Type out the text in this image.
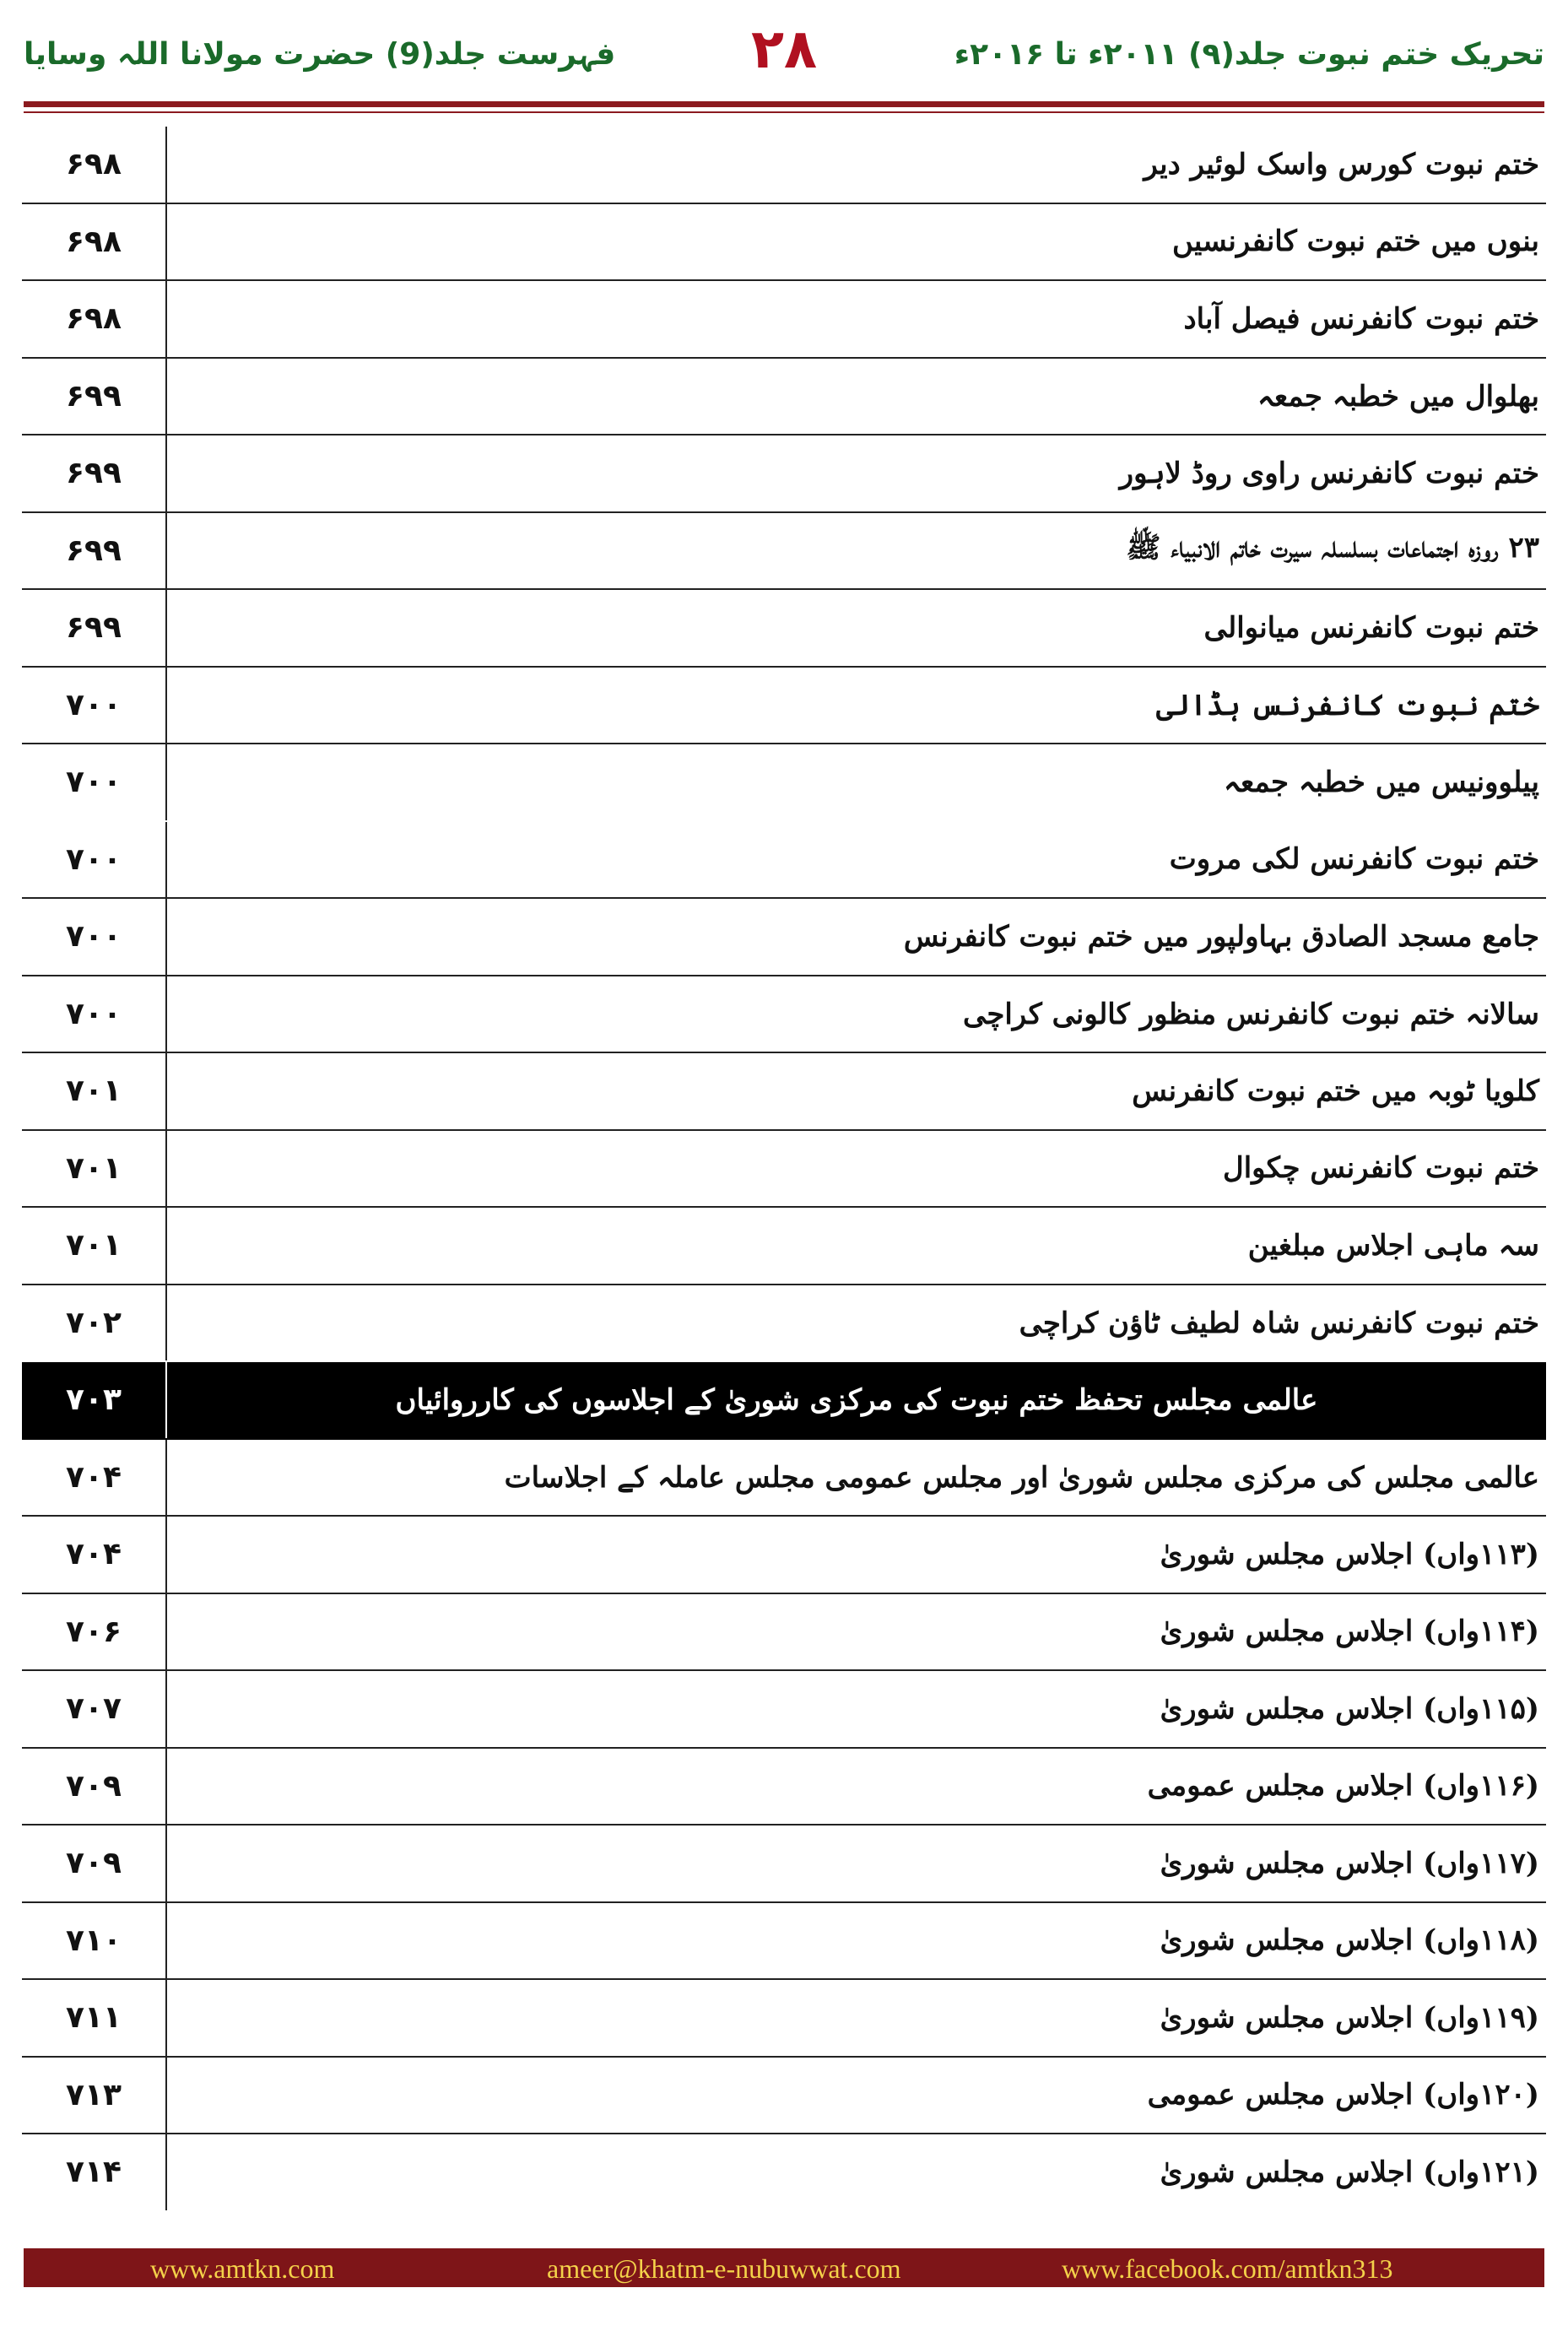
فہرست جلد(9) حضرت مولانا اللہ وسایا	۲۸	تحریک ختم نبوت جلد(۹) ۲۰۱۱ء تا ۲۰۱۶ء
۶۹۸	ختم نبوت کورس واسک لوئیر دیر
۶۹۸	بنوں میں ختم نبوت کانفرنسیں
۶۹۸	ختم نبوت کانفرنس فیصل آباد
۶۹۹	بھلوال میں خطبہ جمعہ
۶۹۹	ختم نبوت کانفرنس راوی روڈ لاہور
۶۹۹	۲۳ روزہ اجتماعات بسلسلہ سیرت خاتم الانبیاء ﷺ
۶۹۹	ختم نبوت کانفرنس میانوالی
۷۰۰	ختم نبوت کانفرنس ہڈالی
۷۰۰	پیلوونیس میں خطبہ جمعہ
۷۰۰	ختم نبوت کانفرنس لکی مروت
۷۰۰	جامع مسجد الصادق بہاولپور میں ختم نبوت کانفرنس
۷۰۰	سالانہ ختم نبوت کانفرنس منظور کالونی کراچی
۷۰۱	کلویا ٹوبہ میں ختم نبوت کانفرنس
۷۰۱	ختم نبوت کانفرنس چکوال
۷۰۱	سہ ماہی اجلاس مبلغین
۷۰۲	ختم نبوت کانفرنس شاہ لطیف ٹاؤن کراچی
۷۰۳	عالمی مجلس تحفظ ختم نبوت کی مرکزی شوریٰ کے اجلاسوں کی کارروائیاں
۷۰۴	عالمی مجلس کی مرکزی مجلس شوریٰ اور مجلس عمومی مجلس عاملہ کے اجلاسات
۷۰۴	(۱۱۳واں) اجلاس مجلس شوریٰ
۷۰۶	(۱۱۴واں) اجلاس مجلس شوریٰ
۷۰۷	(۱۱۵واں) اجلاس مجلس شوریٰ
۷۰۹	(۱۱۶واں) اجلاس مجلس عمومی
۷۰۹	(۱۱۷واں) اجلاس مجلس شوریٰ
۷۱۰	(۱۱۸واں) اجلاس مجلس شوریٰ
۷۱۱	(۱۱۹واں) اجلاس مجلس شوریٰ
۷۱۳	(۱۲۰واں) اجلاس مجلس عمومی
۷۱۴	(۱۲۱واں) اجلاس مجلس شوریٰ
www.amtkn.com	ameer@khatm-e-nubuwwat.com	www.facebook.com/amtkn313
